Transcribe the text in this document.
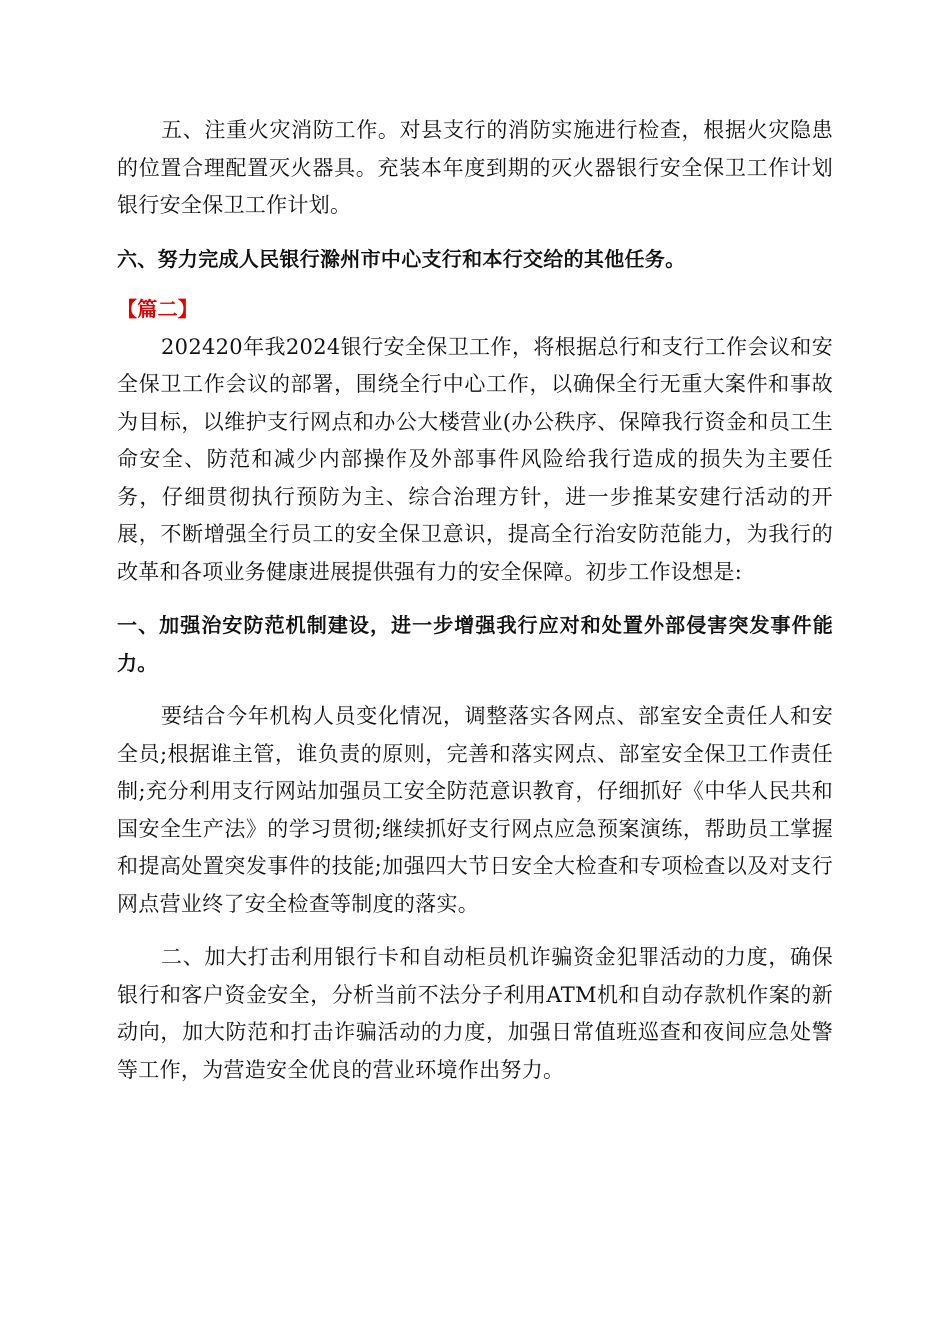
五、注重火灾消防工作。对县支行的消防实施进行检查，根据火灾隐患的位置合理配置灭火器具。充装本年度到期的灭火器银行安全保卫工作计划银行安全保卫工作计划。

六、努力完成人民银行滁州市中心支行和本行交给的其他任务。

【篇二】

202420年我2024银行安全保卫工作，将根据总行和支行工作会议和安全保卫工作会议的部署，围绕全行中心工作，以确保全行无重大案件和事故为目标，以维护支行网点和办公大楼营业(办公秩序、保障我行资金和员工生命安全、防范和减少内部操作及外部事件风险给我行造成的损失为主要任务，仔细贯彻执行预防为主、综合治理方针，进一步推某安建行活动的开展，不断增强全行员工的安全保卫意识，提高全行治安防范能力，为我行的改革和各项业务健康进展提供强有力的安全保障。初步工作设想是:

一、加强治安防范机制建设，进一步增强我行应对和处置外部侵害突发事件能力。

要结合今年机构人员变化情况，调整落实各网点、部室安全责任人和安全员;根据谁主管，谁负责的原则，完善和落实网点、部室安全保卫工作责任制;充分利用支行网站加强员工安全防范意识教育，仔细抓好《中华人民共和国安全生产法》的学习贯彻;继续抓好支行网点应急预案演练，帮助员工掌握和提高处置突发事件的技能;加强四大节日安全大检查和专项检查以及对支行网点营业终了安全检查等制度的落实。

二、加大打击利用银行卡和自动柜员机诈骗资金犯罪活动的力度，确保银行和客户资金安全，分析当前不法分子利用ATM机和自动存款机作案的新动向，加大防范和打击诈骗活动的力度，加强日常值班巡查和夜间应急处警等工作，为营造安全优良的营业环境作出努力。
